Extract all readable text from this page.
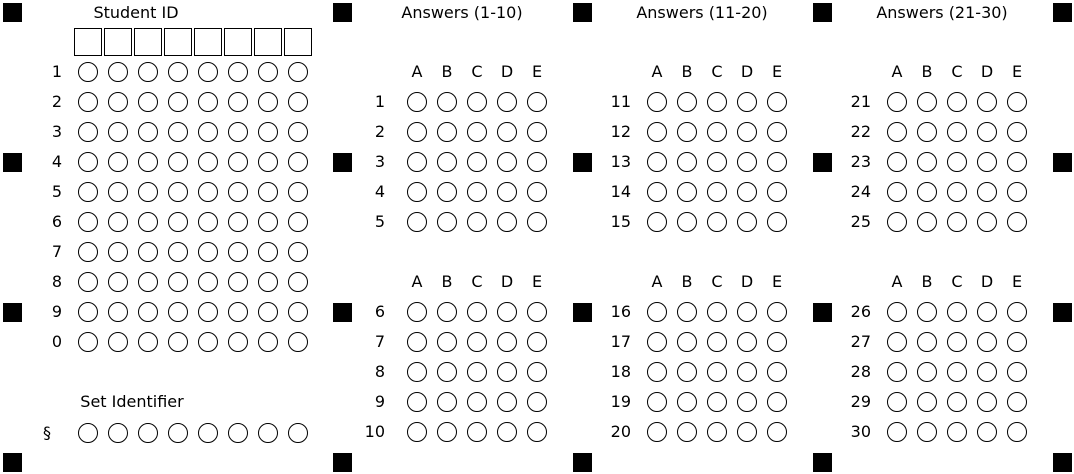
Student ID
1
2
3
4
5
6
7
8
9
0
Set Identifier
§
Answers (1-10)
A B C D E
1
2
3
4
5
A B C D E
6
7
8
9
10
Answers (11-20)
A B C D E
11
12
13
14
15
A B C D E
16
17
18
19
20
Answers (21-30)
A B C D E
21
22
23
24
25
A B C D E
26
27
28
29
30
